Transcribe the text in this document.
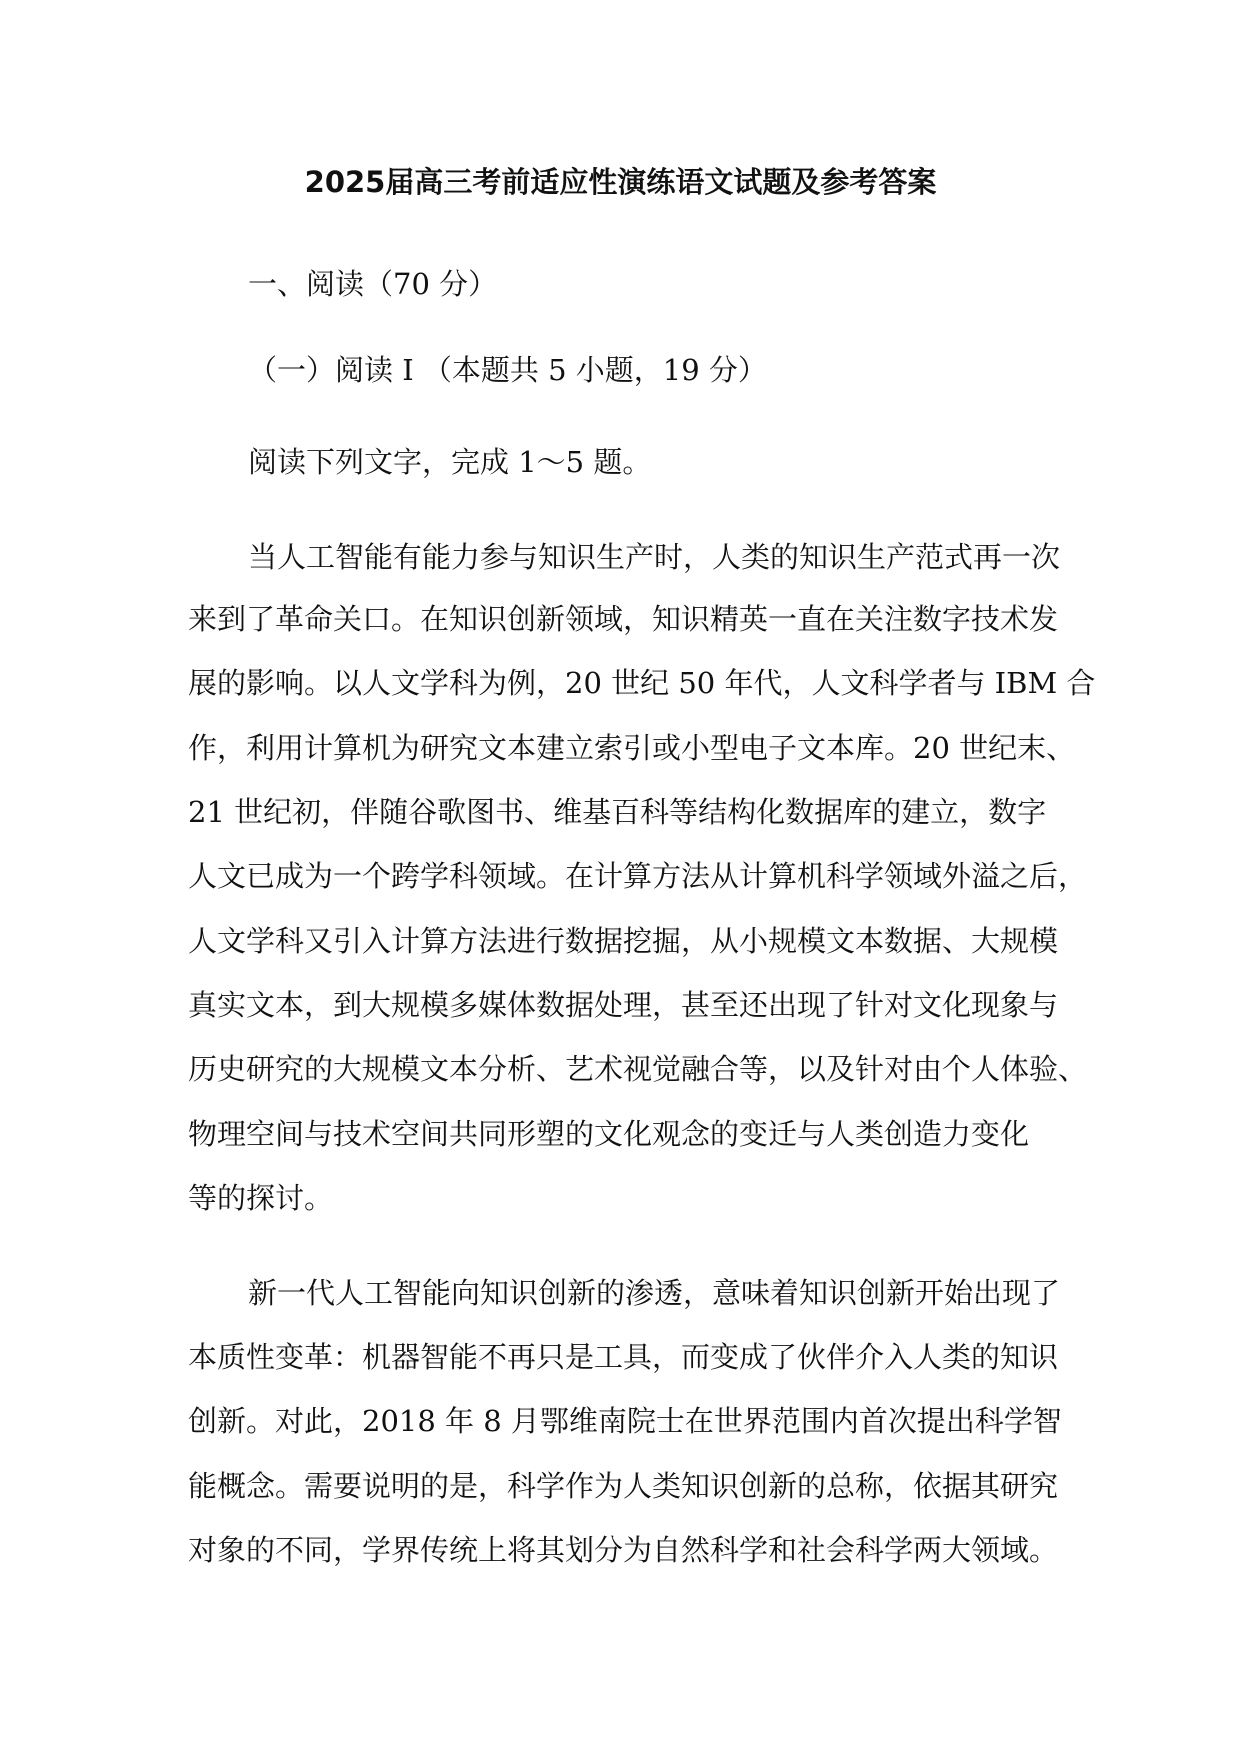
2025届高三考前适应性演练语文试题及参考答案
一、阅读（70 分）
（一）阅读 I （本题共 5 小题，19 分）
阅读下列文字，完成 1～5 题。
当人工智能有能力参与知识生产时，人类的知识生产范式再一次
来到了革命关口。在知识创新领域，知识精英一直在关注数字技术发
展的影响。以人文学科为例，20 世纪 50 年代，人文科学者与 IBM 合
作，利用计算机为研究文本建立索引或小型电子文本库。20 世纪末、
21 世纪初，伴随谷歌图书、维基百科等结构化数据库的建立，数字
人文已成为一个跨学科领域。在计算方法从计算机科学领域外溢之后，
人文学科又引入计算方法进行数据挖掘，从小规模文本数据、大规模
真实文本，到大规模多媒体数据处理，甚至还出现了针对文化现象与
历史研究的大规模文本分析、艺术视觉融合等，以及针对由个人体验、
物理空间与技术空间共同形塑的文化观念的变迁与人类创造力变化
等的探讨。
新一代人工智能向知识创新的渗透，意味着知识创新开始出现了
本质性变革：机器智能不再只是工具，而变成了伙伴介入人类的知识
创新。对此，2018 年 8 月鄂维南院士在世界范围内首次提出科学智
能概念。需要说明的是，科学作为人类知识创新的总称，依据其研究
对象的不同，学界传统上将其划分为自然科学和社会科学两大领域。
